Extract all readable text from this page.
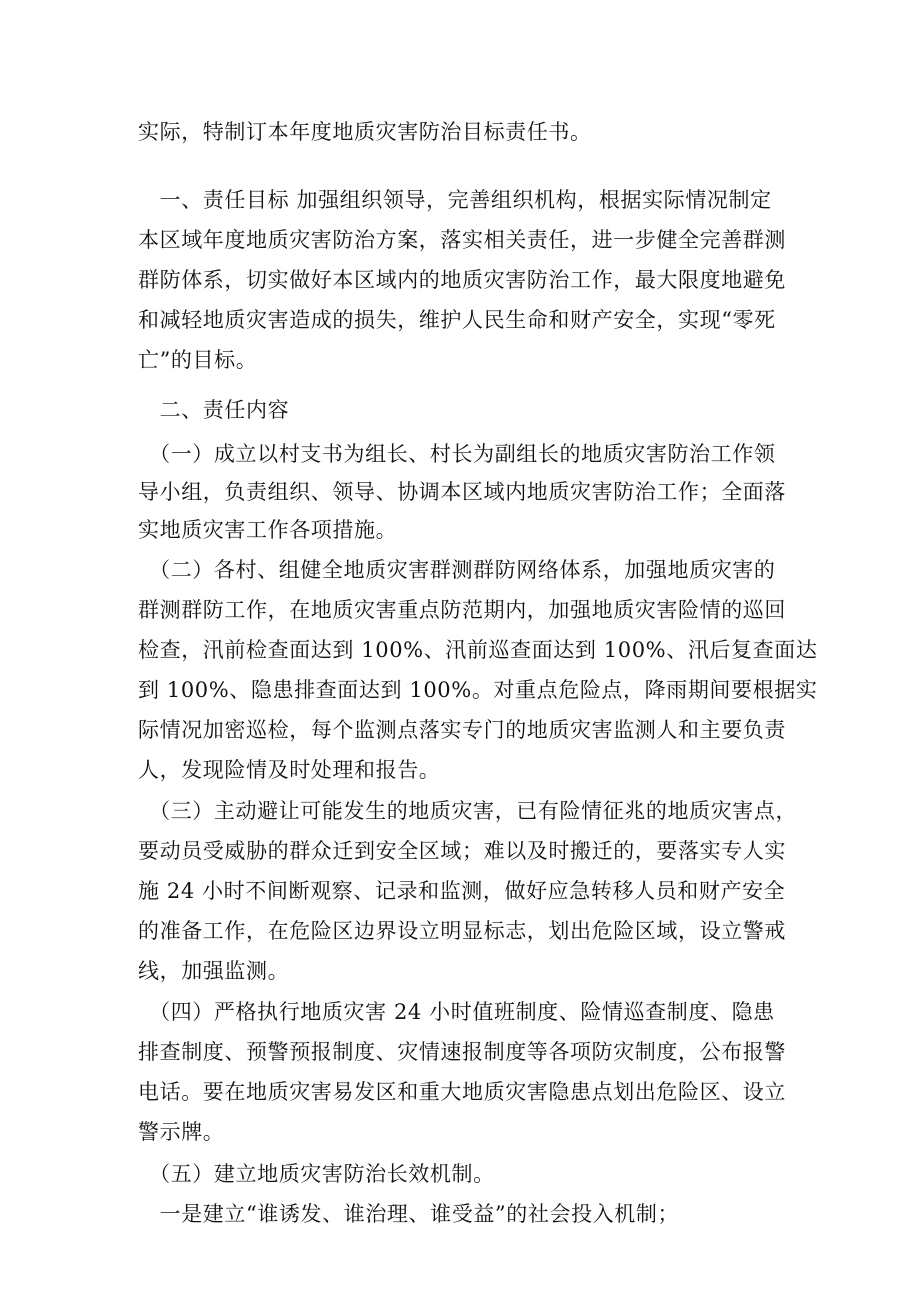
实际，特制订本年度地质灾害防治目标责任书。
　一、责任目标 加强组织领导，完善组织机构，根据实际情况制定
本区域年度地质灾害防治方案，落实相关责任，进一步健全完善群测
群防体系，切实做好本区域内的地质灾害防治工作，最大限度地避免
和减轻地质灾害造成的损失，维护人民生命和财产安全，实现“零死
亡”的目标。
　二、责任内容
　（一）成立以村支书为组长、村长为副组长的地质灾害防治工作领
导小组，负责组织、领导、协调本区域内地质灾害防治工作；全面落
实地质灾害工作各项措施。
　（二）各村、组健全地质灾害群测群防网络体系，加强地质灾害的
群测群防工作，在地质灾害重点防范期内，加强地质灾害险情的巡回
检查，汛前检查面达到 100%、汛前巡查面达到 100%、汛后复查面达
到 100%、隐患排查面达到 100%。对重点危险点，降雨期间要根据实
际情况加密巡检，每个监测点落实专门的地质灾害监测人和主要负责
人，发现险情及时处理和报告。
　（三）主动避让可能发生的地质灾害，已有险情征兆的地质灾害点，
要动员受威胁的群众迁到安全区域；难以及时搬迁的，要落实专人实
施 24 小时不间断观察、记录和监测，做好应急转移人员和财产安全
的准备工作，在危险区边界设立明显标志，划出危险区域，设立警戒
线，加强监测。
　（四）严格执行地质灾害 24 小时值班制度、险情巡查制度、隐患
排查制度、预警预报制度、灾情速报制度等各项防灾制度，公布报警
电话。要在地质灾害易发区和重大地质灾害隐患点划出危险区、设立
警示牌。
　（五）建立地质灾害防治长效机制。
　一是建立“谁诱发、谁治理、谁受益”的社会投入机制；
